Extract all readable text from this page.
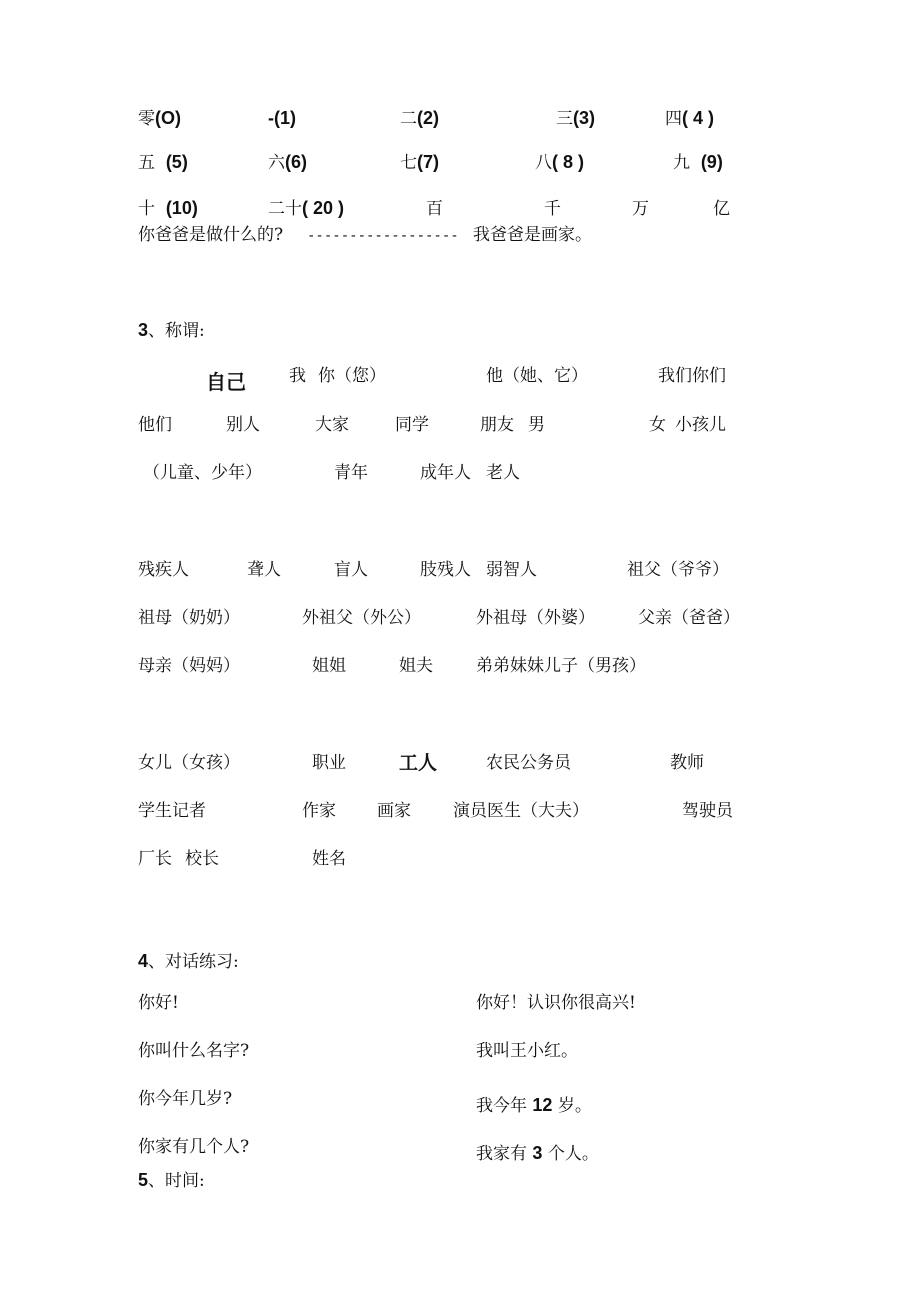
零(O)	-(1)	二(2)	三(3)	四( 4 )
五 (5)	六(6)	七(7)	八( 8 )	九 (9)
十 (10)	二十( 20 )	百	千	万	亿
你爸爸是做什么的? ------------------ 我爸爸是画家。
3、称谓:
自己	我 你（您）	他（她、它）	我们你们
他们	别人	大家	同学	朋友 男	女 小孩儿
（儿童、少年）	青年	成年人 老人
残疾人	聋人	盲人	肢残人 弱智人	祖父（爷爷）
祖母（奶奶）	外祖父（外公）	外祖母（外婆）	父亲（爸爸）
母亲（妈妈）	姐姐	姐夫	弟弟妹妹儿子（男孩）
女儿（女孩）	职业	工人	农民公务员	教师
学生记者	作家 画家 演员医生（大夫）	驾驶员
厂长 校长	姓名
4、对话练习:
你好!	你好！认识你很高兴!
你叫什么名字?	我叫王小红。
你今年几岁?	我今年 12 岁。
你家有几个人?	我家有 3 个人。
5、时间:
